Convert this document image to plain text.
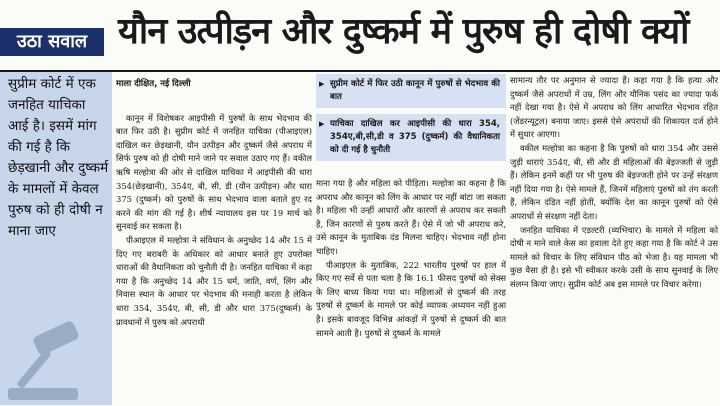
उठा सवाल यौन उत्पीड़न और दुष्कर्म में पुरुष ही दोषी क्यों
सुप्रीम कोर्ट में एक जनहित याचिका आई है। इसमें मांग की गई है कि छेड़खानी और दुष्कर्म के मामलों में केवल पुरुष को ही दोषी न माना जाए
माला दीक्षित, नई दिल्ली

कानून में विशेषकर आइपीसी में पुरुषों के साथ भेदभाव की बात फिर उठी है। सुप्रीम कोर्ट में जनहित याचिका (पीआइएल) दाखिल कर छेड़खानी, यौन उत्पीड़न और दुष्कर्म जैसे अपराध में सिर्फ पुरुष को ही दोषी माने जाने पर सवाल उठाए गए हैं। वकील ऋषि मल्होत्रा की ओर से दाखिल याचिका में आइपीसी की धारा 354(छेड़खानी), 354ए, बी, सी, डी (यौन उत्पीड़न) और धारा 375 (दुष्कर्म) को पुरुषों के साथ भेदभाव वाला बताते हुए रद करने की मांग की गई है। शीर्ष न्यायालय इस पर 19 मार्च को सुनवाई कर सकता है।

पीआइएल में मल्होत्रा ने संविधान के अनुच्छेद 14 और 15 में दिए गए बराबरी के अधिकार को आधार बनाते हुए उपरोक्त धाराओं की वैधानिकता को चुनौती दी है। जनहित याचिका में कहा गया है कि अनुच्छेद 14 और 15 धर्म, जाति, वर्ण, लिंग और निवास स्थान के आधार पर भेदभाव की मनाही करता है लेकिन धारा 354, 354ए, बी, सी, डी और धारा 375(दुष्कर्म) के प्रावधानों में पुरुष को अपराधी

▶ सुप्रीम कोर्ट में फिर उठी कानून में पुरुषों से भेदभाव की बात
▶ याचिका दाखिल कर आइपीसी की धारा 354, 354ए,बी,सी,डी व 375 (दुष्कर्म) की वैधानिकता को दी गई है चुनौती

माना गया है और महिला को पीड़िता। मल्होत्रा का कहना है कि अपराध और कानून को लिंग के आधार पर नहीं बांटा जा सकता है। महिला भी उन्हीं आधारों और कारणों से अपराध कर सकती है, जिन कारणों से पुरुष करते हैं। ऐसे में जो भी अपराध करे, उसे कानून के मुताबिक दंड मिलना चाहिए। भेदभाव नहीं होना चाहिए।

पीआइएल के मुताबिक, 222 भारतीय पुरुषों पर हाल में किए गए सर्वे से पता चला है कि 16.1 फीसद पुरुषों को सेक्स के लिए बाध्य किया गया था। महिलाओं से दुष्कर्म की तरह पुरुषों से दुष्कर्म के मामले पर कोई व्यापक अध्ययन नहीं हुआ है। इसके बावजूद विभिन्न आंकड़ों में पुरुषों से दुष्कर्म की बात सामने आती है। पुरुषों से दुष्कर्म के मामले

सामान्य तौर पर अनुमान से ज्यादा हैं। कहा गया है कि हत्या और दुष्कर्म जैसे अपराधों में उम्र, लिंग और यौनिक पसंद का ज्यादा फर्क नहीं देखा गया है। ऐसे में अपराध को लिंग आधारित भेदभाव रहित (जेंडरन्यूट्रल) बनाया जाए। इससे ऐसे अपराधों की शिकायत दर्ज होने में सुधार आएगा।

वकील मल्होत्रा का कहना है कि पुरुषों को धारा 354 और उससे जुड़ी धाराएं 354ए, बी, सी और डी महिलाओं की बेइज्जती से जुड़ी हैं। लेकिन इनमें कहीं पर भी पुरुष की बेइज्जती होने पर उन्हें संरक्षण नहीं दिया गया है। ऐसे मामले हैं, जिनमें महिलाएं पुरुषों को तंग करती हैं, लेकिन दंडित नहीं होतीं, क्योंकि देश का कानून पुरुषों को ऐसे अपराधों से संरक्षण नहीं देता।

जनहित याचिका में एडल्टरी (व्यभिचार) के मामले में महिला को दोषी न माने वाले केस का हवाला देते हुए कहा गया है कि कोर्ट ने उस मामले को विचार के लिए संविधान पीठ को भेजा है। यह मामला भी कुछ वैसा ही है। इसे भी स्वीकार करके उसी के साथ सुनवाई के लिए संलग्न किया जाए। सुप्रीम कोर्ट अब इस मामले पर विचार करेगा।
